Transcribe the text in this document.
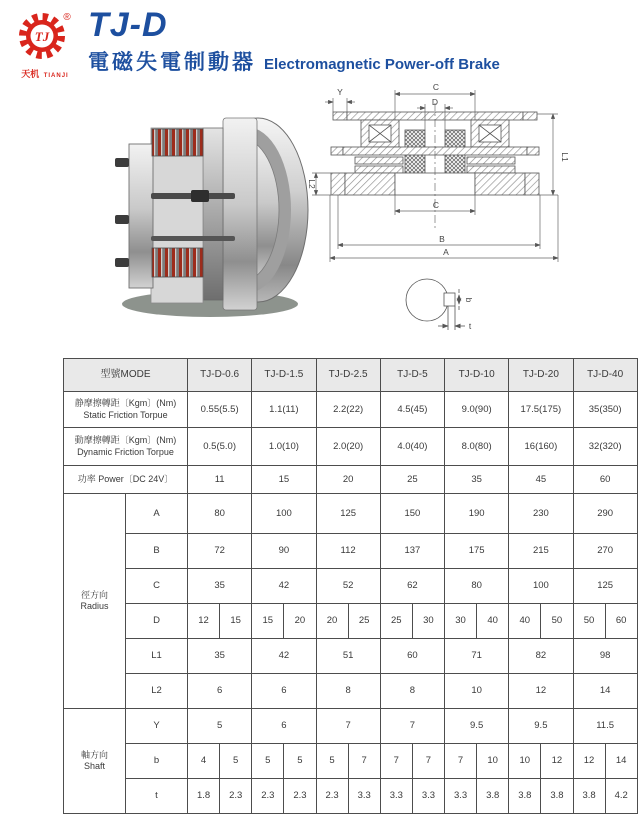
TJ
®
天机 TIANJI
TJ-D
電磁失電制動器 Electromagnetic Power-off Brake
C
D
Y
L1
L2
C
B
A
b
t
型號MODE		TJ-D-0.6		TJ-D-1.5		TJ-D-2.5		TJ-D-5		TJ-D-10		TJ-D-20		TJ-D-40	

静摩擦轉距〔Kgm〕(Nm)
Static Friction Torpue		0.55(5.5)		1.1(11)		2.2(22)		4.5(45)		9.0(90)		17.5(175)		35(350)	

動摩擦轉距〔Kgm〕(Nm)
Dynamic Friction Torpue		0.5(5.0)		1.0(10)		2.0(20)		4.0(40)		8.0(80)		16(160)		32(320)	

功率 Power〔DC 24V〕		11		15		20		25		35		45		60	

徑方向
Radius	A	80		100		125		150		190		230		290	
	B	72		90		112		137		175		215		270	
	C	35		42		52		62		80		100		125	
	D	12	15	15	20	20	25	25	30	30	40	40	50	50	60
	L1	35		42		51		60		71		82		98	
	L2	6		6		8		8		10		12		14	

軸方向
Shaft	Y	5		6		7		7		9.5		9.5		11.5	
	b	4	5	5	5	5	7	7	7	7	10	10	12	12	14
	t	1.8	2.3	2.3	2.3	2.3	3.3	3.3	3.3	3.3	3.8	3.8	3.8	3.8	4.2
